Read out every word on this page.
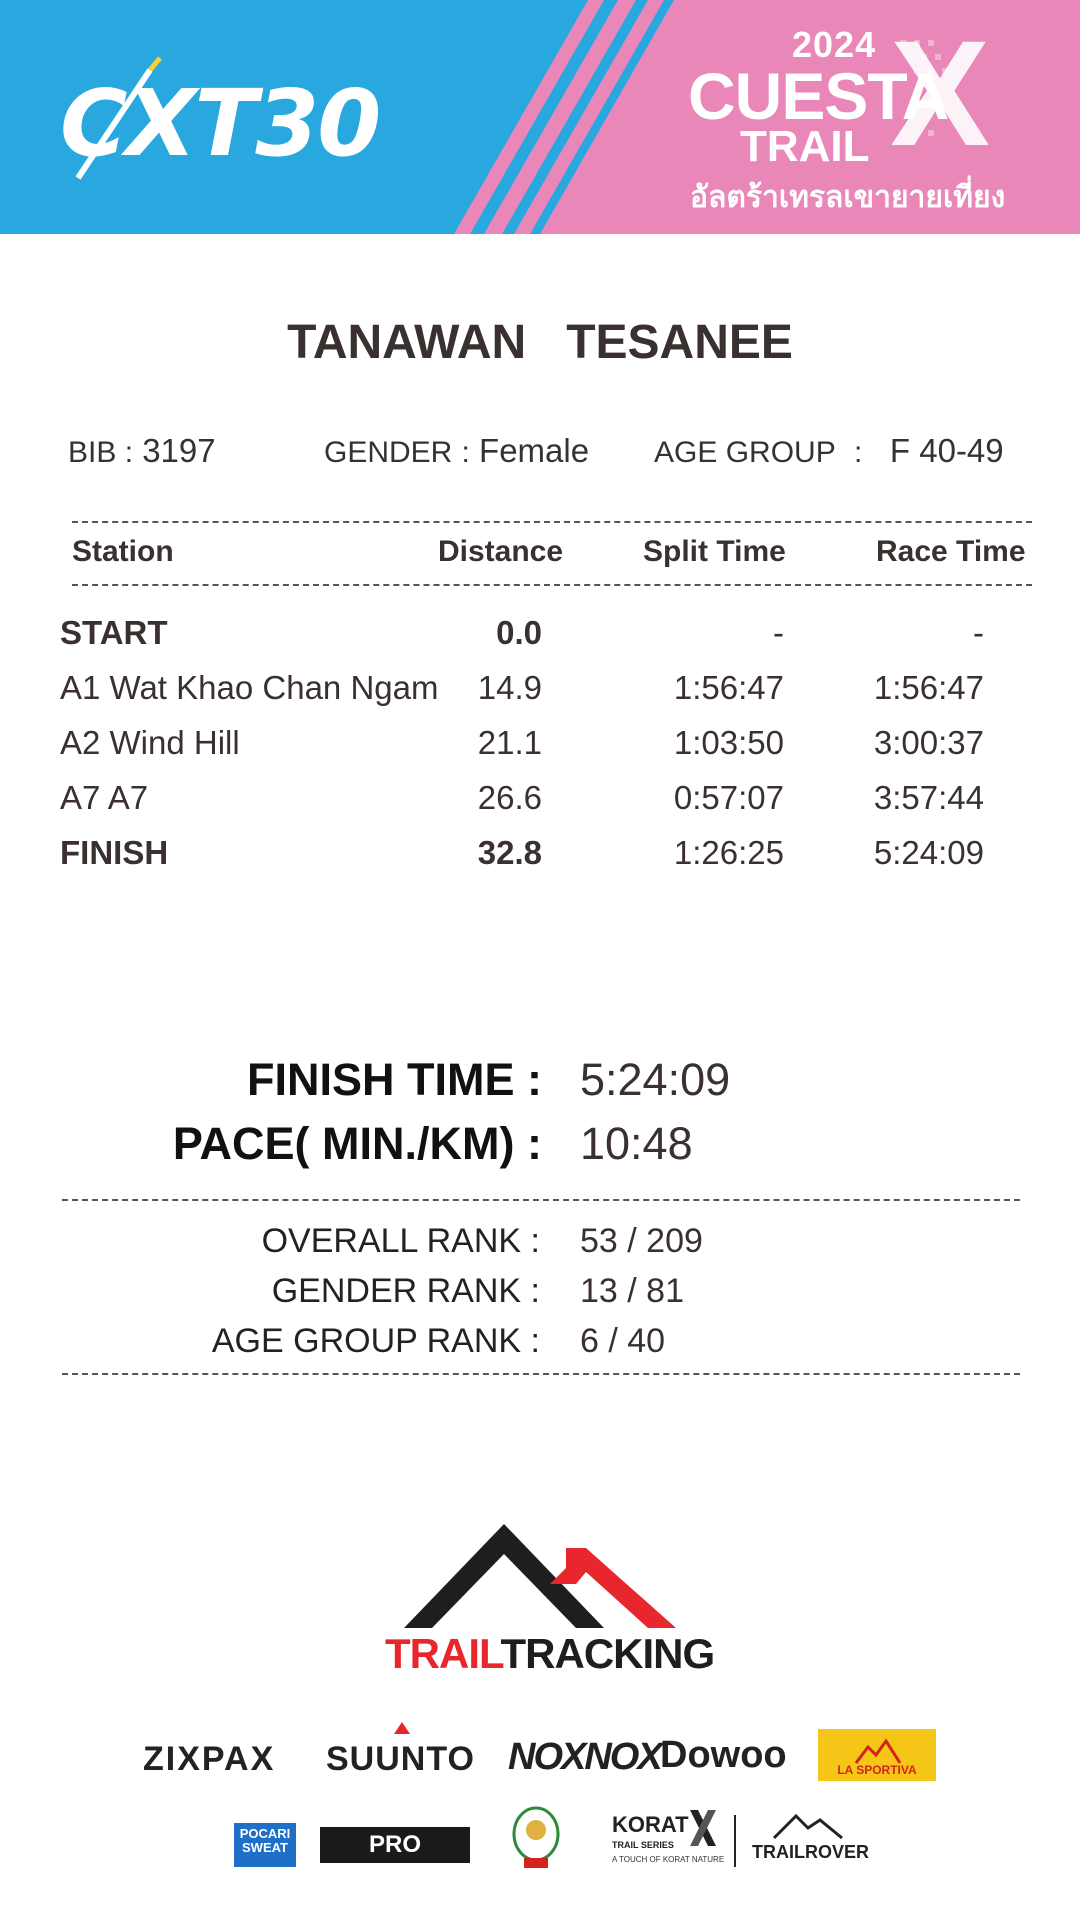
CXT30	X
2024
CUESTA
TRAIL
อัลตร้าเทรลเขายายเที่ยง
TANAWAN TESANEE
BIB : 3197	GENDER : Female AGE GROUP : F 40-49
Station	Distance	Split Time	Race Time
START	0.0	-	-
A1 Wat Khao Chan Ngam 14.9	1:56:47	1:56:47
A2 Wind Hill	21.1	1:03:50	3:00:37
A7 A7	26.6	0:57:07	3:57:44
FINISH	32.8	1:26:25	5:24:09
FINISH TIME : 5:24:09
PACE( MIN./KM) : 10:48
OVERALL RANK : 53 / 209
GENDER RANK : 13 / 81
AGE GROUP RANK : 6 / 40
TRAILTRACKING
ZIXPAX SUUNTO NOXNOX Dowoo	LA SPORTIVA
POCARI SWEAT	PRO FREEZE
KORAT
TRAIL SERIES
A TOUCH OF KORAT NATURE TRAILROVER
